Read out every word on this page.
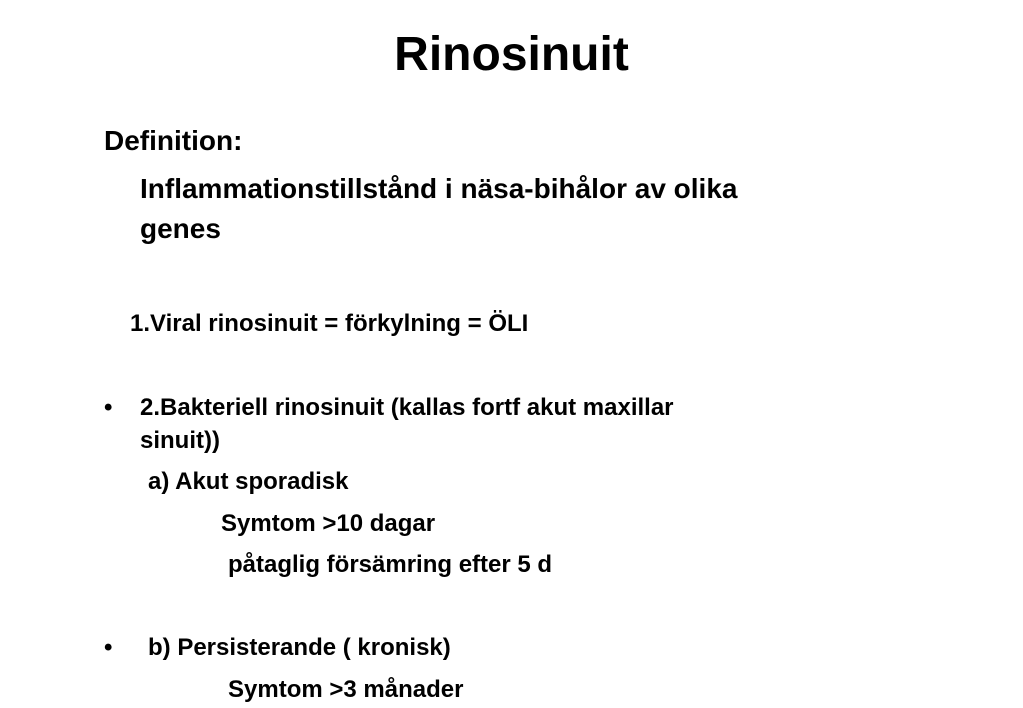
Rinosinuit
Definition:
Inflammationstillstånd i näsa-bihålor av olika
genes
1.Viral rinosinuit = förkylning = ÖLI
• 2.Bakteriell rinosinuit (kallas fortf akut maxillar
sinuit))
a) Akut sporadisk
Symtom >10 dagar
påtaglig försämring efter 5 d
• b) Persisterande ( kronisk)
Symtom >3 månader
